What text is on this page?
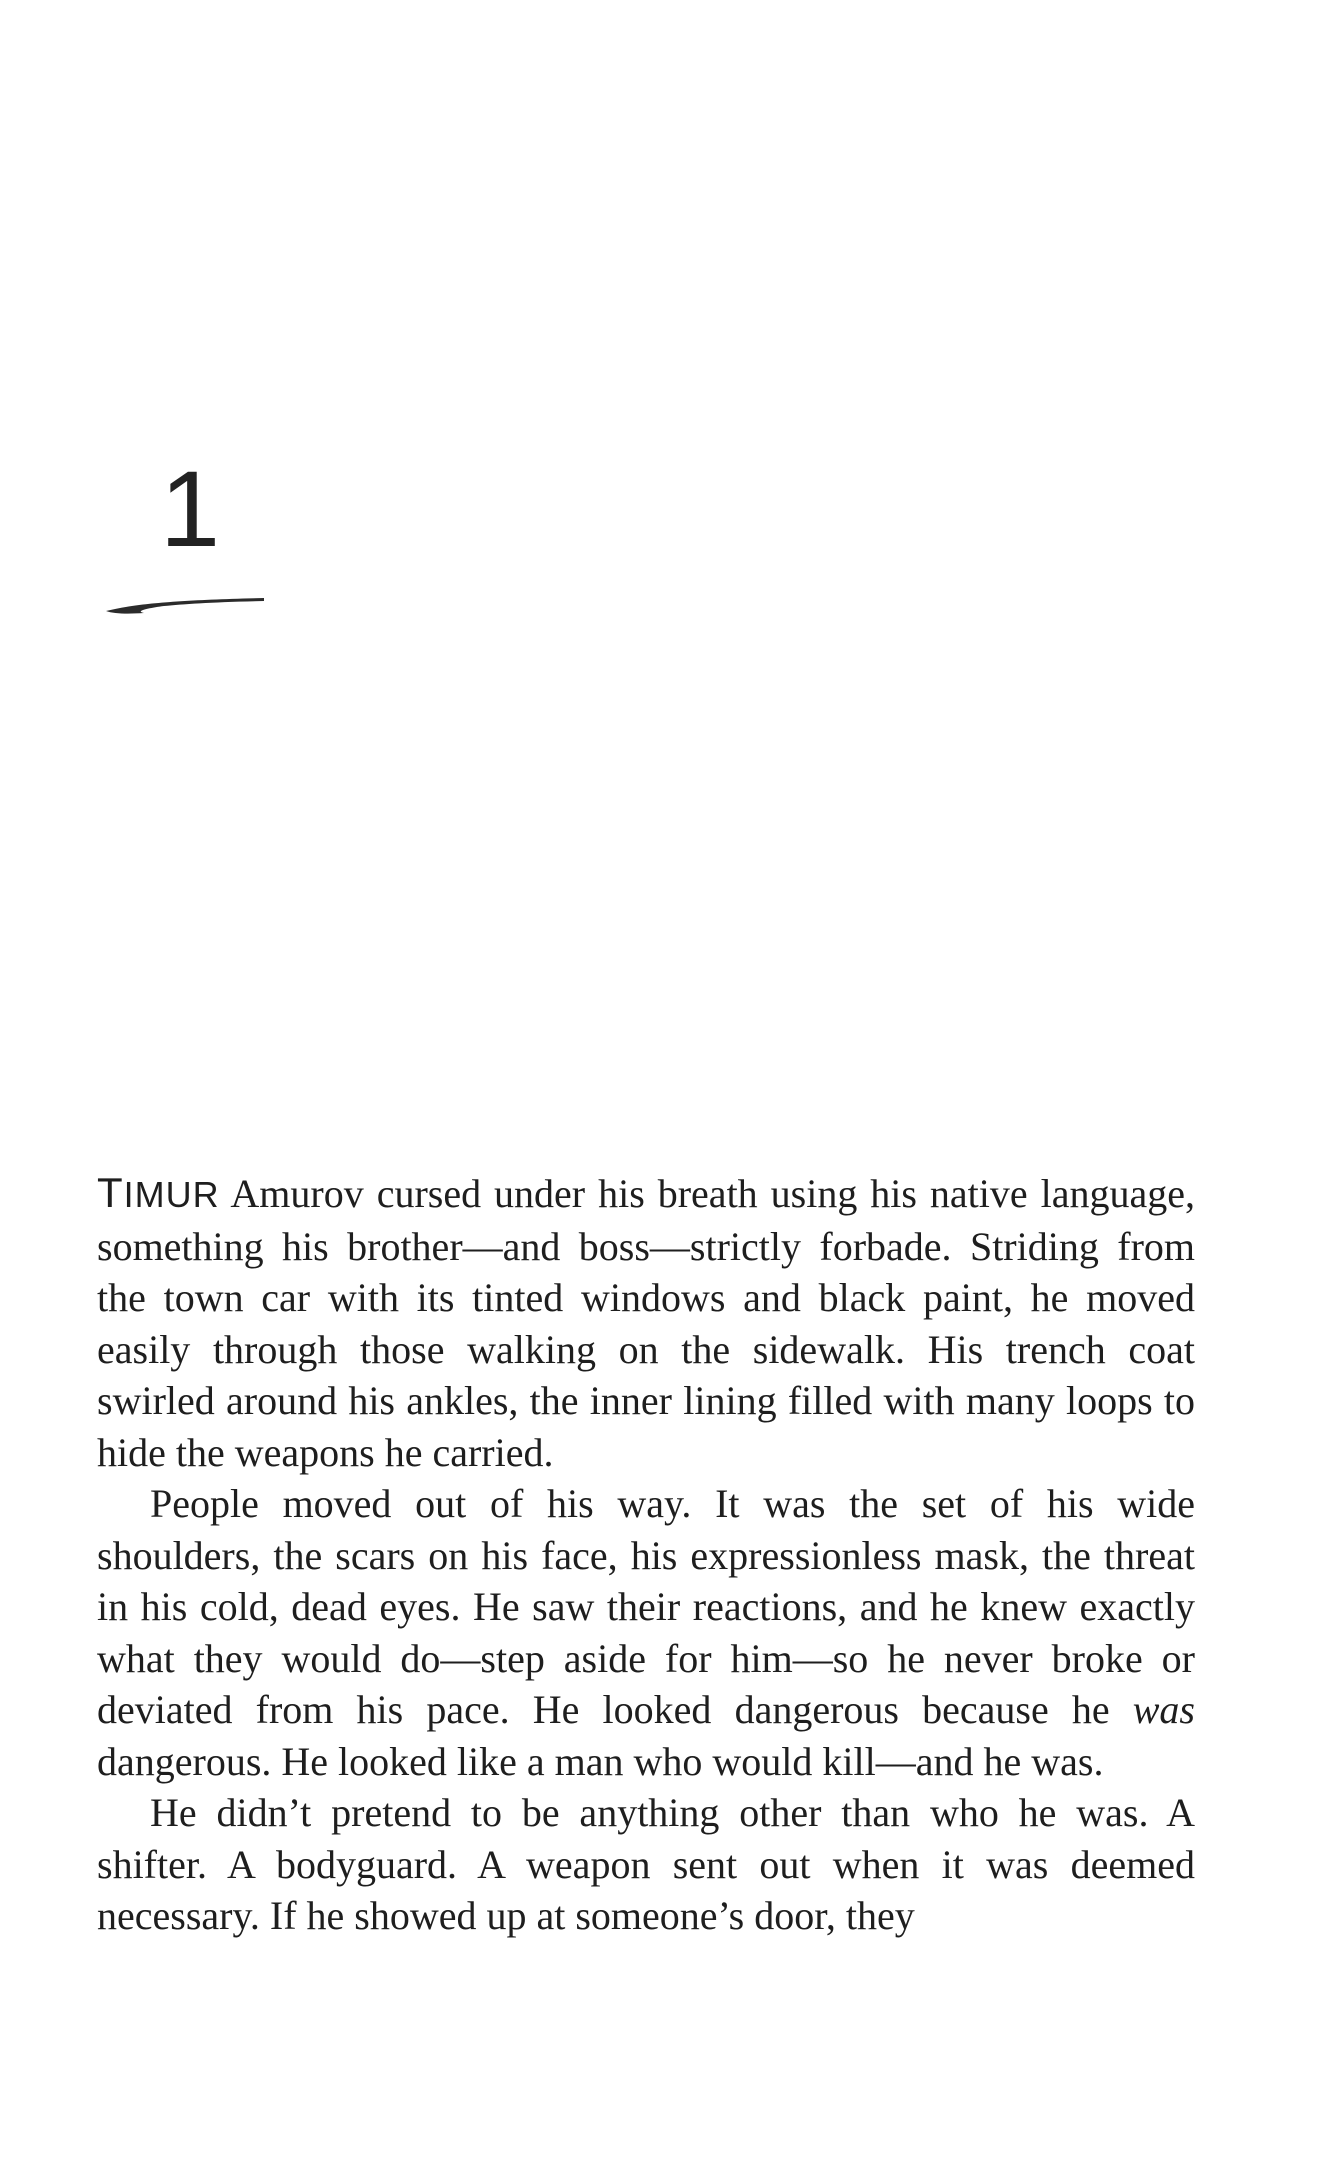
1

TIMUR Amurov cursed under his breath using his native language, something his brother—and boss—strictly forbade. Striding from the town car with its tinted windows and black paint, he moved easily through those walking on the sidewalk. His trench coat swirled around his ankles, the inner lining filled with many loops to hide the weapons he carried.

People moved out of his way. It was the set of his wide shoulders, the scars on his face, his expressionless mask, the threat in his cold, dead eyes. He saw their reactions, and he knew exactly what they would do—step aside for him—so he never broke or deviated from his pace. He looked dangerous because he was dangerous. He looked like a man who would kill—and he was.

He didn’t pretend to be anything other than who he was. A shifter. A bodyguard. A weapon sent out when it was deemed necessary. If he showed up at someone’s door, they
